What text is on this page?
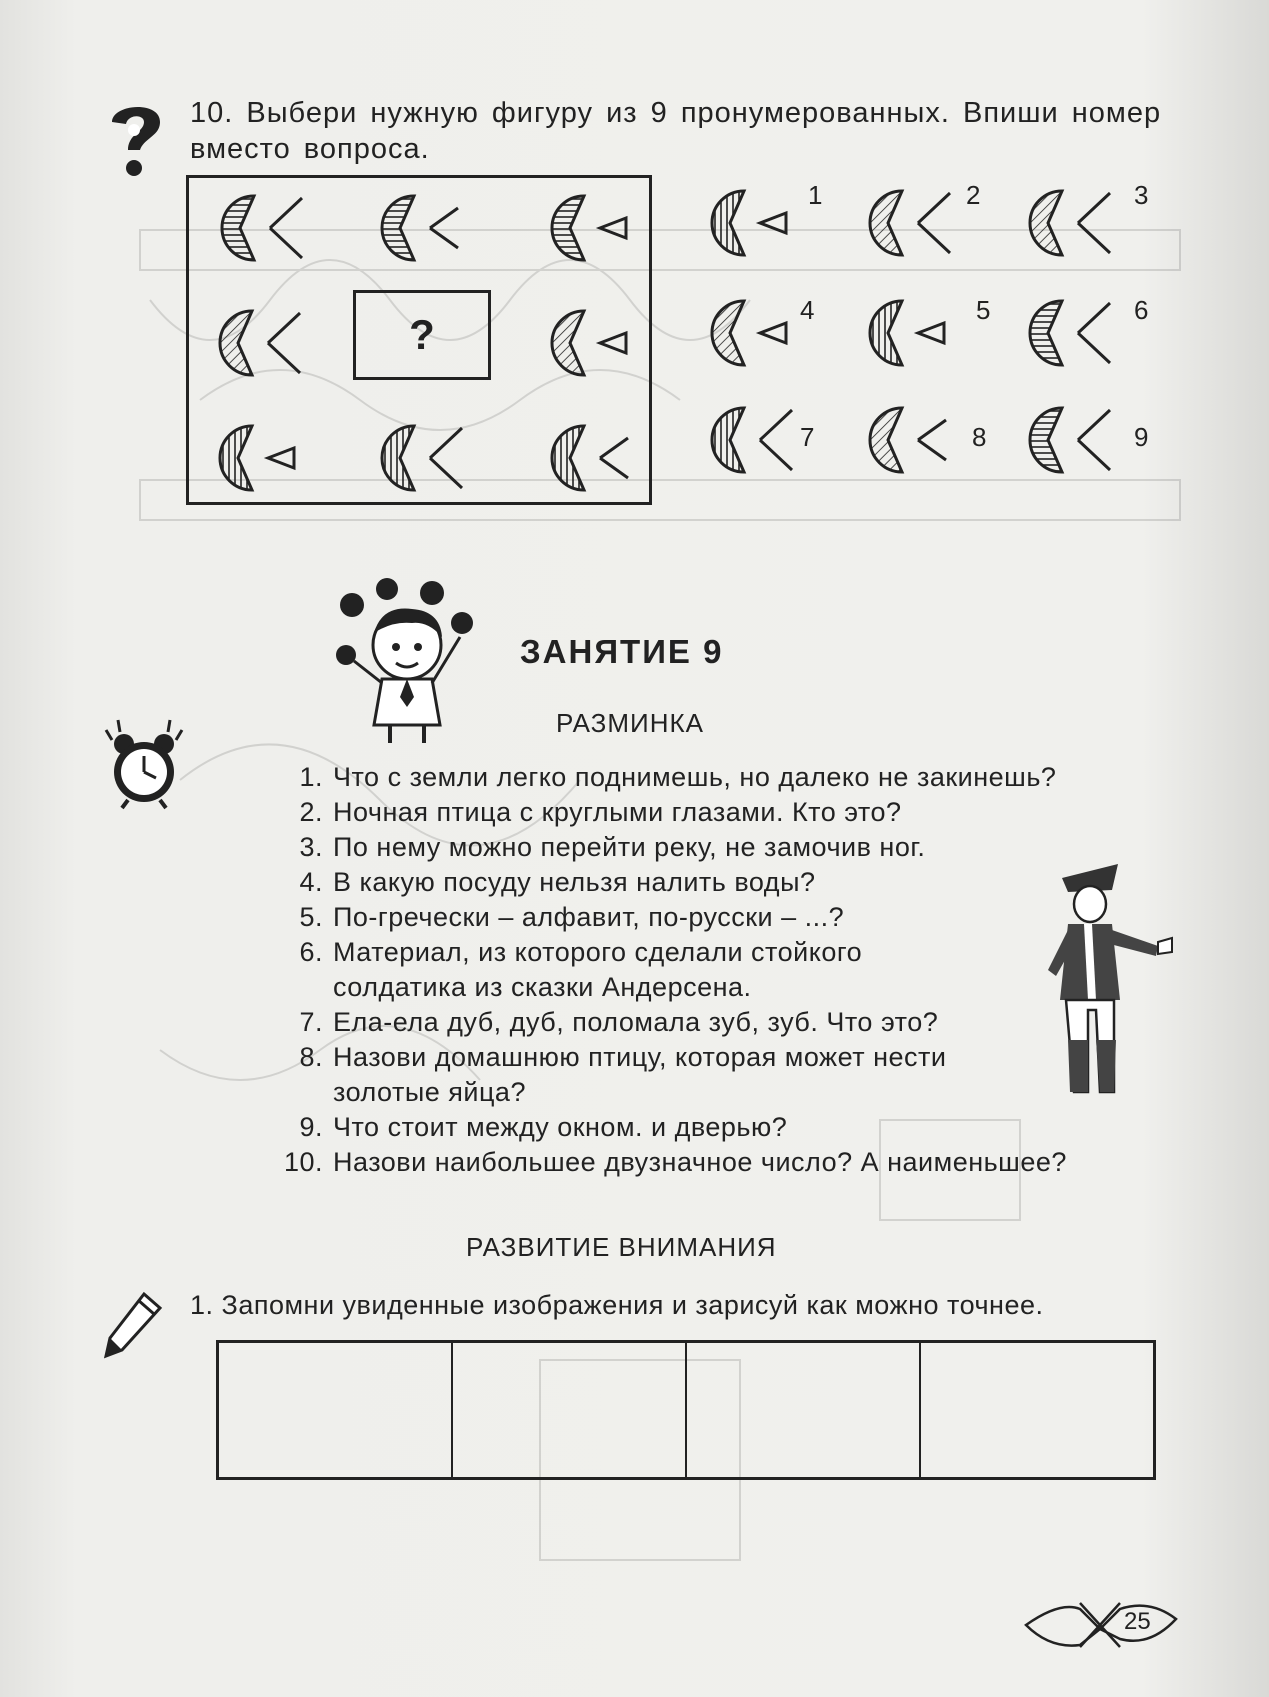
10. Выбери нужную фигуру из 9 пронумерованных. Впиши номер вместо вопроса.
?
1	2	3
4	5	6
7	8	9
ЗАНЯТИЕ 9
РАЗМИНКА
1. Что с земли легко поднимешь, но далеко не закинешь?
2. Ночная птица с круглыми глазами. Кто это?
3. По нему можно перейти реку, не замочив ног.
4. В какую посуду нельзя налить воды?
5. По-гречески – алфавит, по-русски – ...?
6. Материал, из которого сделали стойкого солдатика из сказки Андерсена.
7. Ела-ела дуб, дуб, поломала зуб, зуб. Что это?
8. Назови домашнюю птицу, которая может нести золотые яйца?
9. Что стоит между окном. и дверью?
10. Назови наибольшее двузначное число? А наименьшее?
РАЗВИТИЕ ВНИМАНИЯ
1. Запомни увиденные изображения и зарисуй как можно точнее.
25
